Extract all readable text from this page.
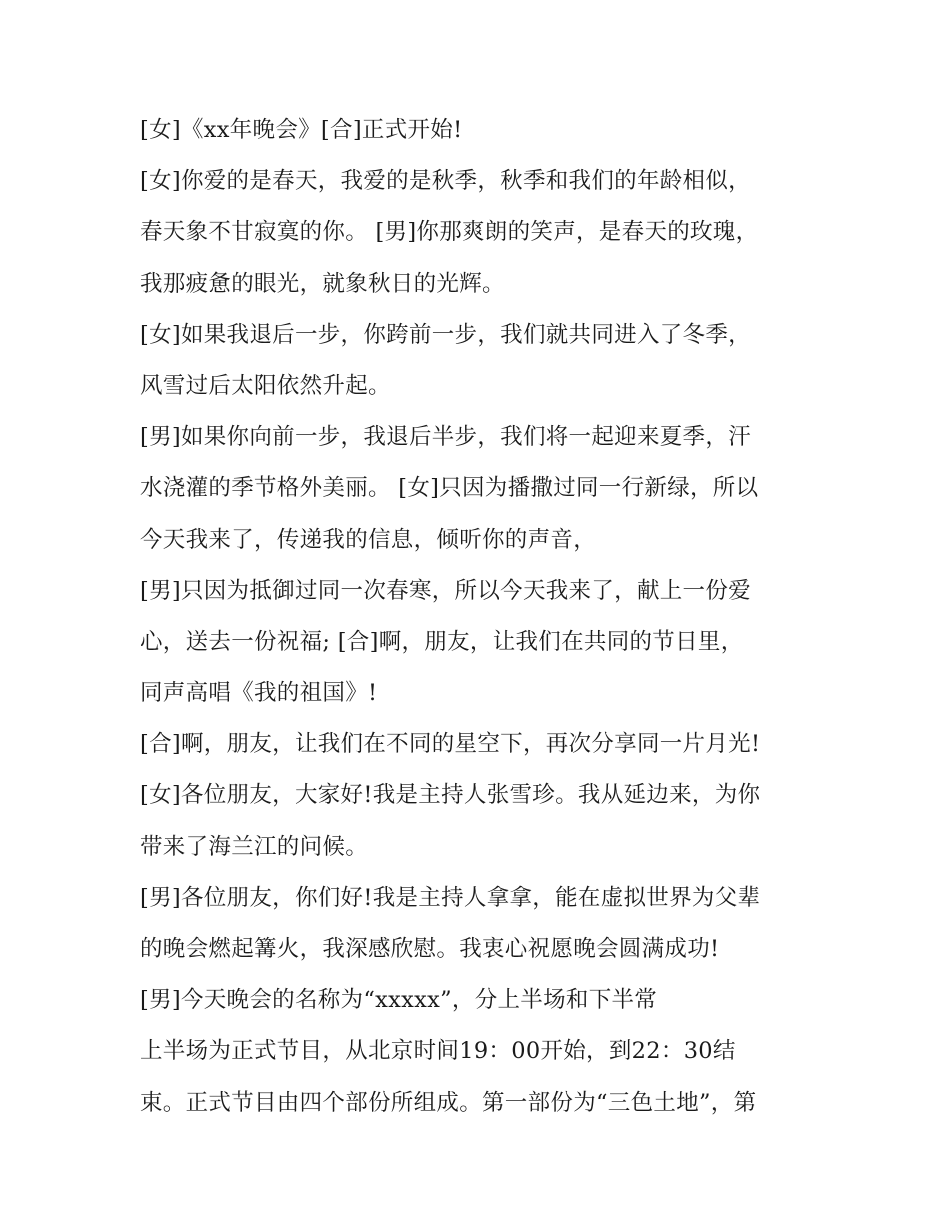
[女]《xx年晚会》[合]正式开始!
[女]你爱的是春天，我爱的是秋季，秋季和我们的年龄相似，
春天象不甘寂寞的你。 [男]你那爽朗的笑声，是春天的玫瑰，
我那疲惫的眼光，就象秋日的光辉。
[女]如果我退后一步，你跨前一步，我们就共同进入了冬季，
风雪过后太阳依然升起。
[男]如果你向前一步，我退后半步，我们将一起迎来夏季，汗
水浇灌的季节格外美丽。 [女]只因为播撒过同一行新绿，所以
今天我来了，传递我的信息，倾听你的声音，
[男]只因为抵御过同一次春寒，所以今天我来了，献上一份爱
心，送去一份祝福; [合]啊，朋友，让我们在共同的节日里，
同声高唱《我的祖国》!
[合]啊，朋友，让我们在不同的星空下，再次分享同一片月光!
[女]各位朋友，大家好!我是主持人张雪珍。我从延边来，为你
带来了海兰江的问候。
[男]各位朋友，你们好!我是主持人拿拿，能在虚拟世界为父辈
的晚会燃起篝火，我深感欣慰。我衷心祝愿晚会圆满成功!
[男]今天晚会的名称为“xxxxx”，分上半场和下半常
上半场为正式节目，从北京时间19：00开始，到22：30结
束。正式节目由四个部份所组成。第一部份为“三色土地”，第
